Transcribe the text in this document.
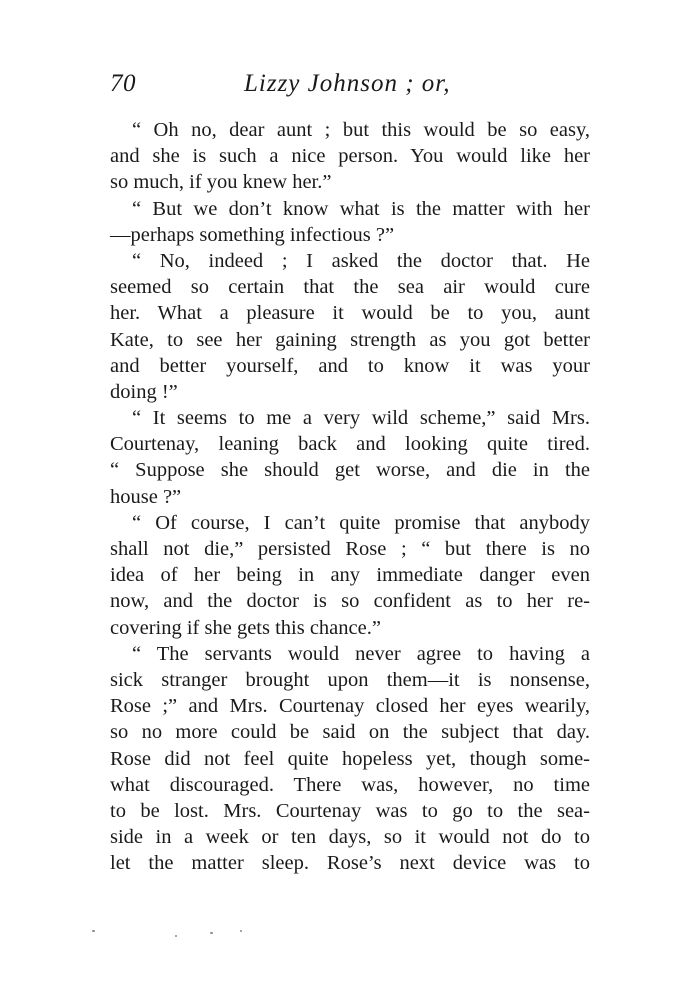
70	Lizzy Johnson ; or,
“ Oh no, dear aunt ; but this would be so easy,
and she is such a nice person. You would like her
so much, if you knew her.”
“ But we don’t know what is the matter with her
—perhaps something infectious ?”
“ No, indeed ; I asked the doctor that. He
seemed so certain that the sea air would cure
her. What a pleasure it would be to you, aunt
Kate, to see her gaining strength as you got better
and better yourself, and to know it was your
doing !”
“ It seems to me a very wild scheme,” said Mrs.
Courtenay, leaning back and looking quite tired.
“ Suppose she should get worse, and die in the
house ?”
“ Of course, I can’t quite promise that anybody
shall not die,” persisted Rose ; “ but there is no
idea of her being in any immediate danger even
now, and the doctor is so confident as to her re-
covering if she gets this chance.”
“ The servants would never agree to having a
sick stranger brought upon them—it is nonsense,
Rose ;” and Mrs. Courtenay closed her eyes wearily,
so no more could be said on the subject that day.
Rose did not feel quite hopeless yet, though some-
what discouraged. There was, however, no time
to be lost. Mrs. Courtenay was to go to the sea-
side in a week or ten days, so it would not do to
let the matter sleep. Rose’s next device was to
